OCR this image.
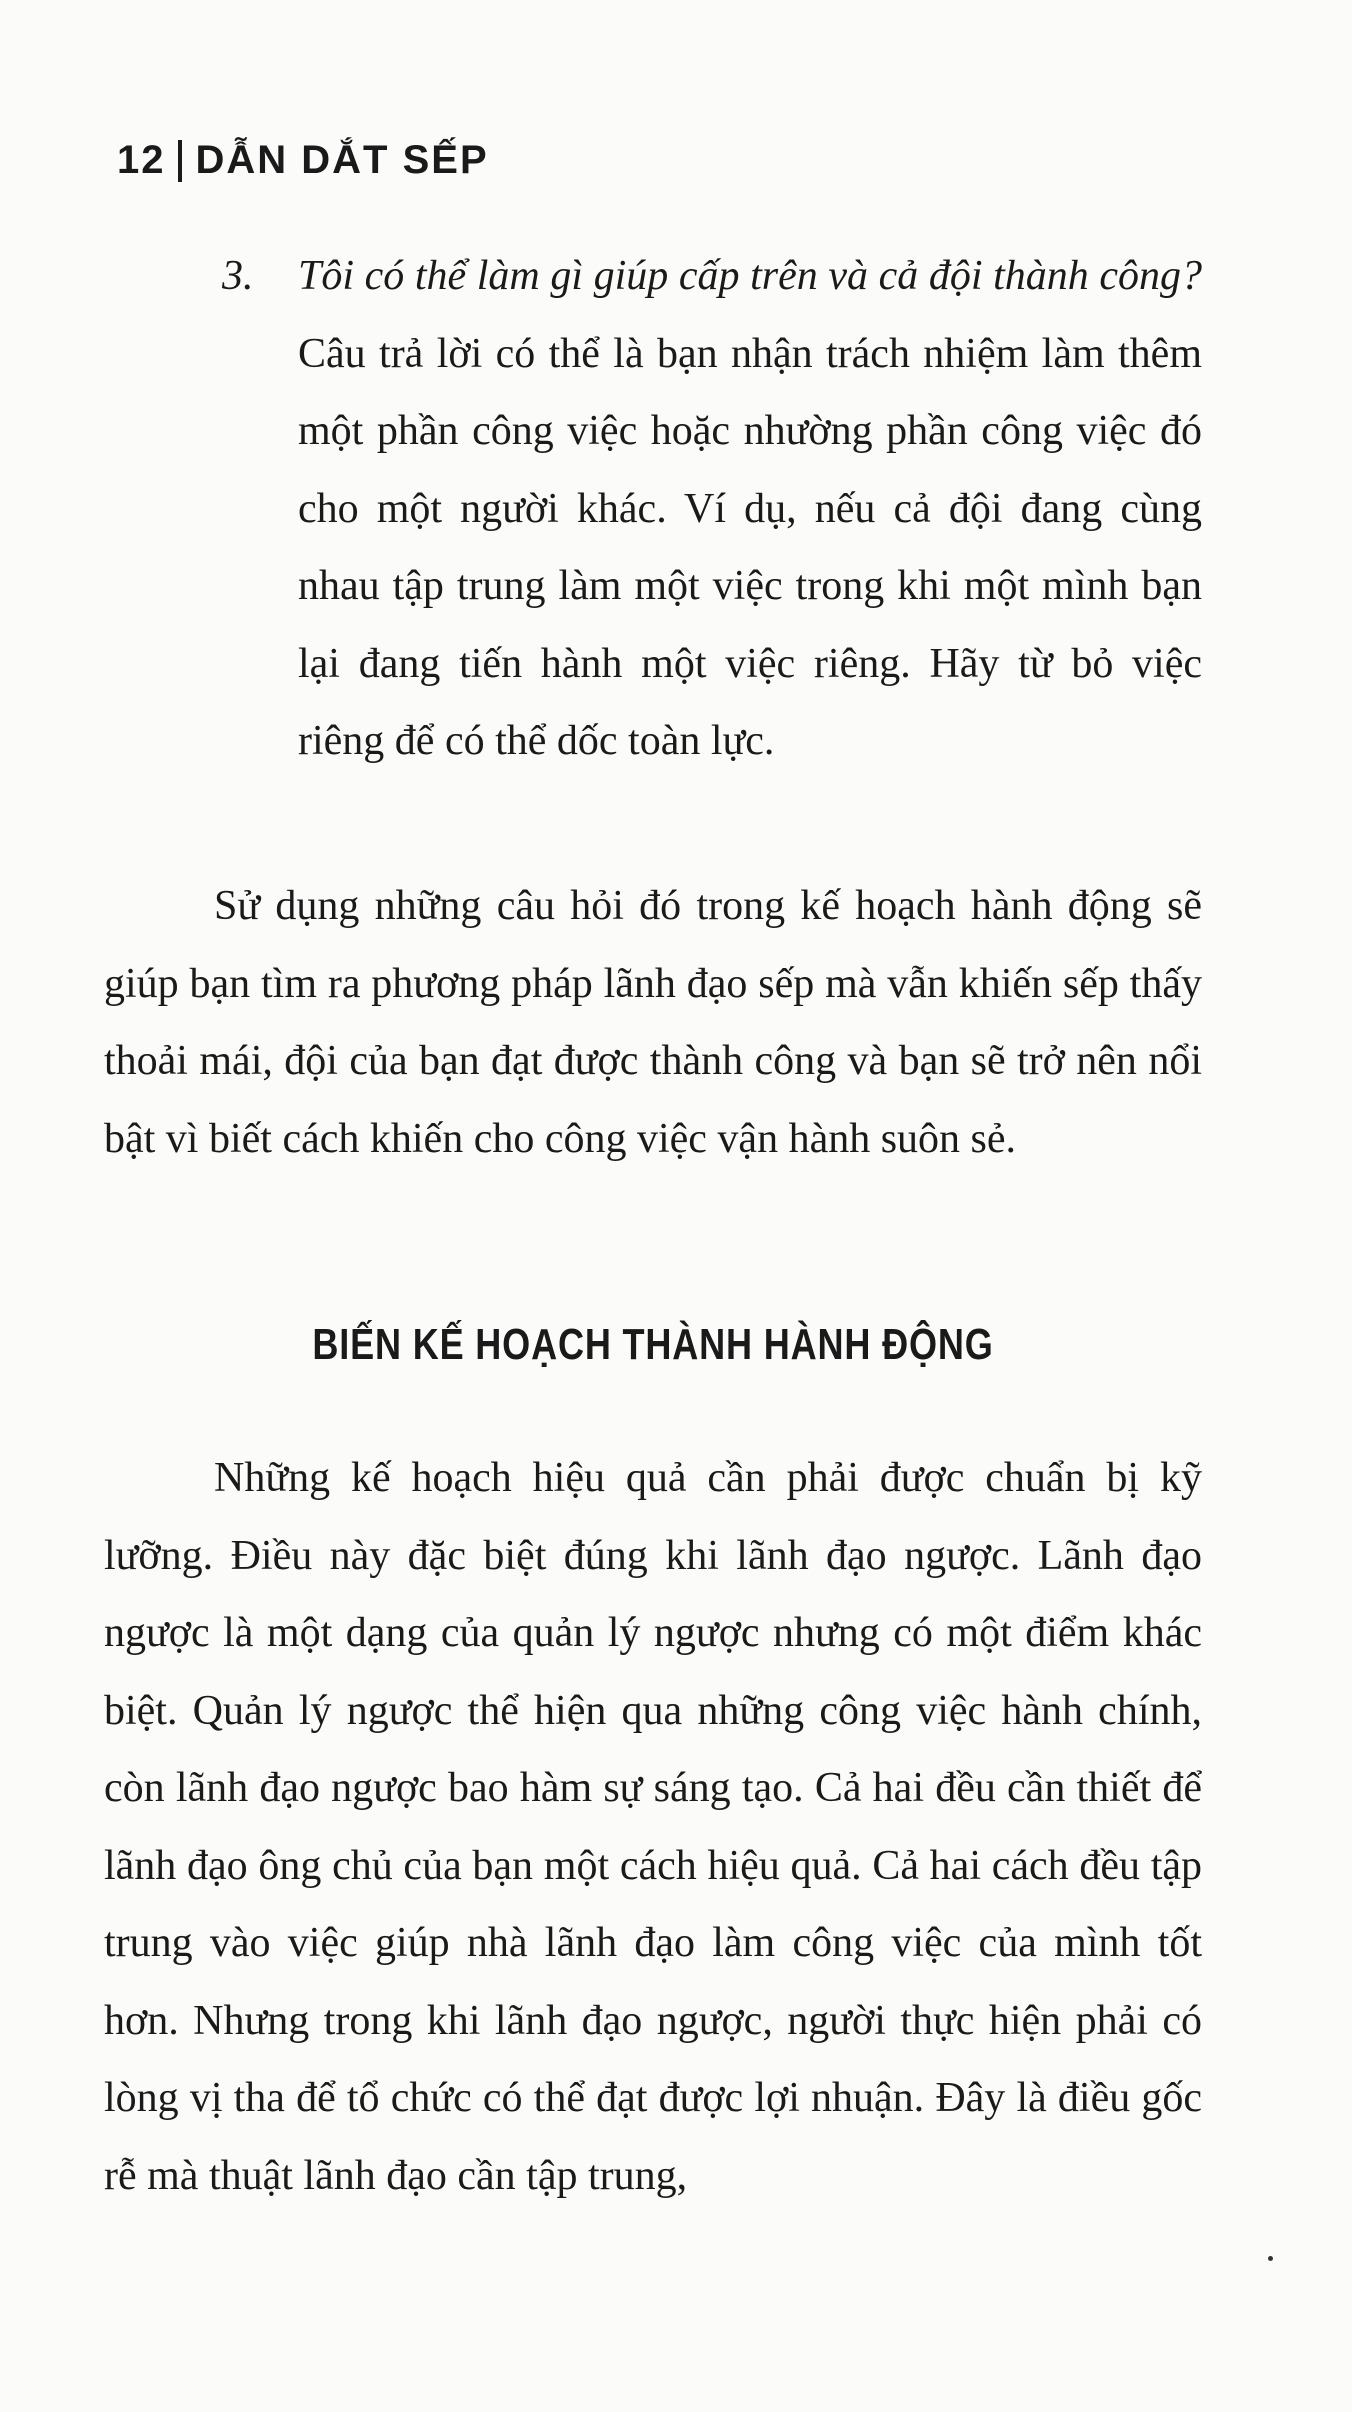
12 DẪN DẮT SẾP
3. Tôi có thể làm gì giúp cấp trên và cả đội thành công? Câu trả lời có thể là bạn nhận trách nhiệm làm thêm một phần công việc hoặc nhường phần công việc đó cho một người khác. Ví dụ, nếu cả đội đang cùng nhau tập trung làm một việc trong khi một mình bạn lại đang tiến hành một việc riêng. Hãy từ bỏ việc riêng để có thể dốc toàn lực.

Sử dụng những câu hỏi đó trong kế hoạch hành động sẽ giúp bạn tìm ra phương pháp lãnh đạo sếp mà vẫn khiến sếp thấy thoải mái, đội của bạn đạt được thành công và bạn sẽ trở nên nổi bật vì biết cách khiến cho công việc vận hành suôn sẻ.

BIẾN KẾ HOẠCH THÀNH HÀNH ĐỘNG

Những kế hoạch hiệu quả cần phải được chuẩn bị kỹ lưỡng. Điều này đặc biệt đúng khi lãnh đạo ngược. Lãnh đạo ngược là một dạng của quản lý ngược nhưng có một điểm khác biệt. Quản lý ngược thể hiện qua những công việc hành chính, còn lãnh đạo ngược bao hàm sự sáng tạo. Cả hai đều cần thiết để lãnh đạo ông chủ của bạn một cách hiệu quả. Cả hai cách đều tập trung vào việc giúp nhà lãnh đạo làm công việc của mình tốt hơn. Nhưng trong khi lãnh đạo ngược, người thực hiện phải có lòng vị tha để tổ chức có thể đạt được lợi nhuận. Đây là điều gốc rễ mà thuật lãnh đạo cần tập trung,
